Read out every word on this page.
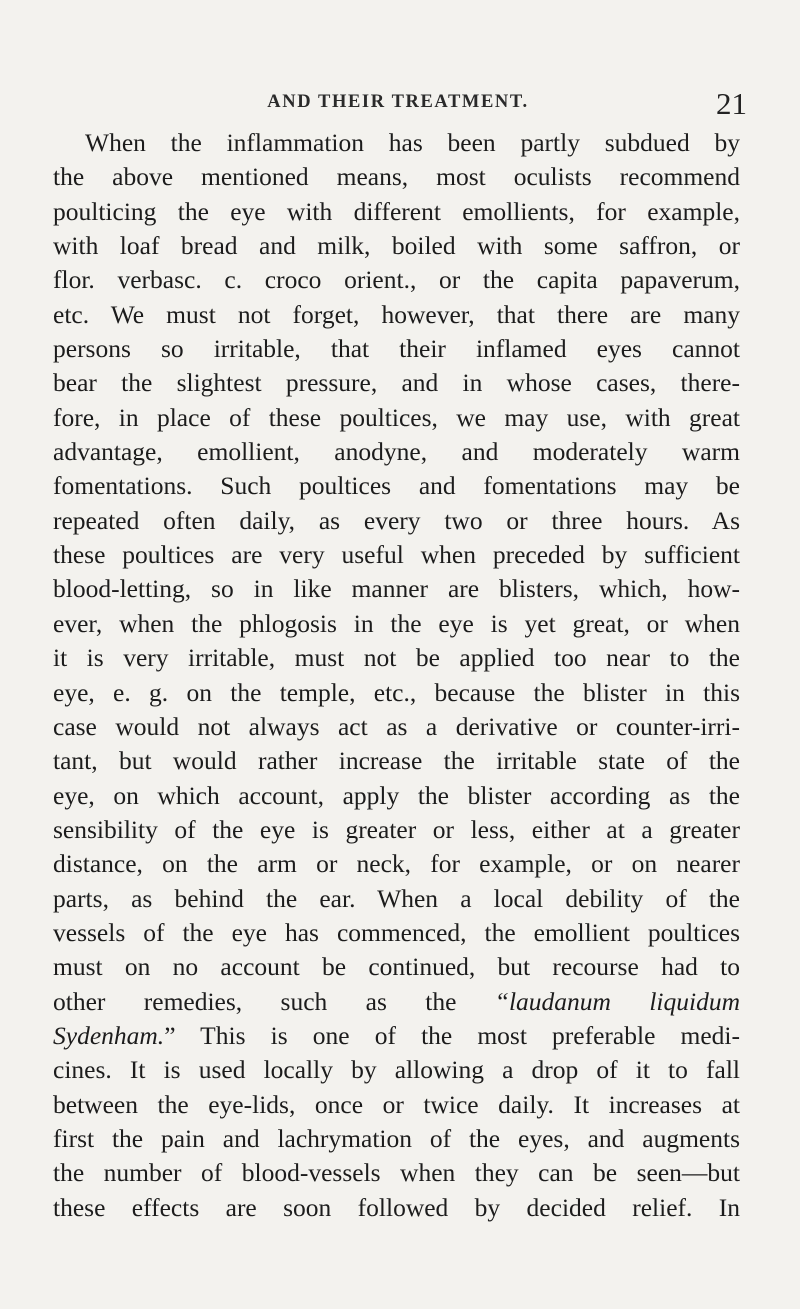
AND THEIR TREATMENT.	21
When the inflammation has been partly subdued by
the above mentioned means, most oculists recommend
poulticing the eye with different emollients, for example,
with loaf bread and milk, boiled with some saffron, or
flor. verbasc. c. croco orient., or the capita papaverum,
etc. We must not forget, however, that there are many
persons so irritable, that their inflamed eyes cannot
bear the slightest pressure, and in whose cases, there-
fore, in place of these poultices, we may use, with great
advantage, emollient, anodyne, and moderately warm
fomentations. Such poultices and fomentations may be
repeated often daily, as every two or three hours. As
these poultices are very useful when preceded by sufficient
blood-letting, so in like manner are blisters, which, how-
ever, when the phlogosis in the eye is yet great, or when
it is very irritable, must not be applied too near to the
eye, e. g. on the temple, etc., because the blister in this
case would not always act as a derivative or counter-irri-
tant, but would rather increase the irritable state of the
eye, on which account, apply the blister according as the
sensibility of the eye is greater or less, either at a greater
distance, on the arm or neck, for example, or on nearer
parts, as behind the ear. When a local debility of the
vessels of the eye has commenced, the emollient poultices
must on no account be continued, but recourse had to
other remedies, such as the “laudanum liquidum
Sydenham.” This is one of the most preferable medi-
cines. It is used locally by allowing a drop of it to fall
between the eye-lids, once or twice daily. It increases at
first the pain and lachrymation of the eyes, and augments
the number of blood-vessels when they can be seen—but
these effects are soon followed by decided relief. In
